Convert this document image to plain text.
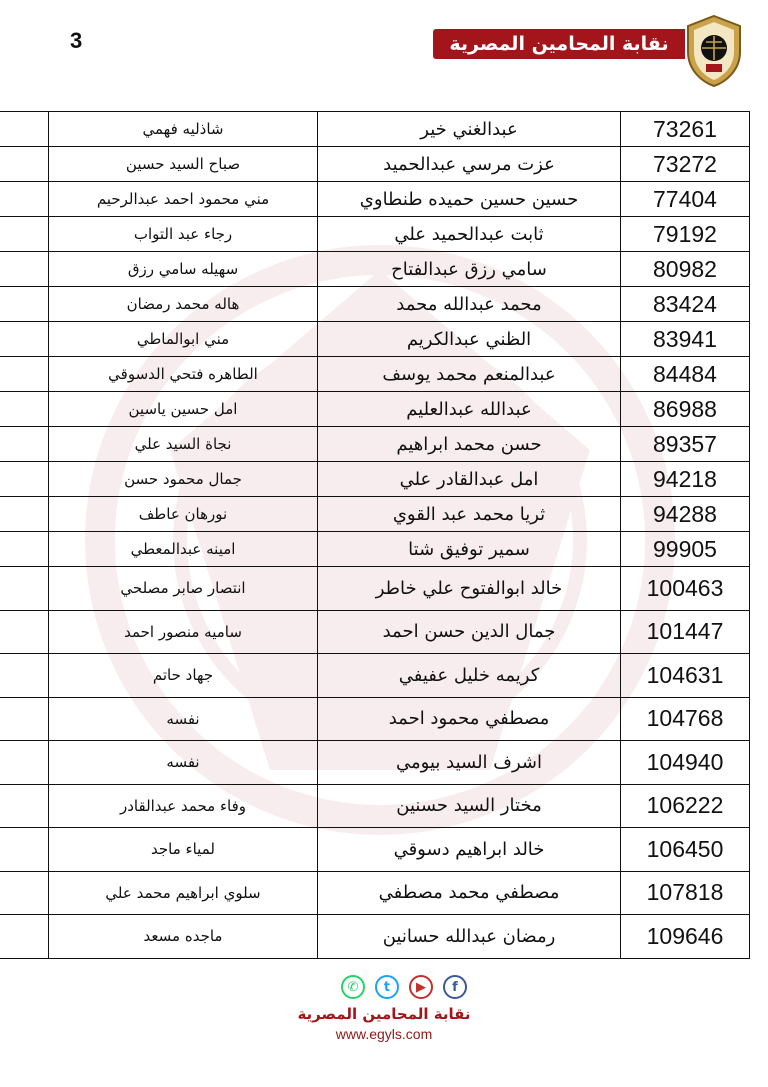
3	نقابة المحامين المصرية
	شاذليه فهمي	عبدالغني خير	73261
	صباح السيد حسين	عزت مرسي عبدالحميد	73272
	مني محمود احمد عبدالرحيم	حسين حسين حميده طنطاوي	77404
	رجاء عبد التواب	ثابت عبدالحميد علي	79192
	سهيله سامي رزق	سامي رزق عبدالفتاح	80982
	هاله محمد رمضان	محمد عبدالله محمد	83424
	مني ابوالماطي	الظني عبدالكريم	83941
	الطاهره فتحي الدسوقي	عبدالمنعم محمد يوسف	84484
	امل حسين ياسين	عبدالله عبدالعليم	86988
	نجاة السيد علي	حسن محمد ابراهيم	89357
	جمال محمود حسن	امل عبدالقادر علي	94218
	نورهان عاطف	ثريا محمد عبد القوي	94288
	امينه عبدالمعطي	سمير توفيق شتا	99905
	انتصار صابر مصلحي	خالد ابوالفتوح علي خاطر	100463
	ساميه منصور احمد	جمال الدين حسن احمد	101447
	جهاد حاتم	كريمه خليل عفيفي	104631
	نفسه	مصطفي محمود احمد	104768
	نفسه	اشرف السيد بيومي	104940
	وفاء محمد عبدالقادر	مختار السيد حسنين	106222
	لمياء ماجد	خالد ابراهيم دسوقي	106450
	سلوي ابراهيم محمد علي	مصطفي محمد مصطفي	107818
	ماجده مسعد	رمضان عبدالله حسانين	109646
✆	t	▶	f
نقابة المحامين المصرية
www.egyls.com
